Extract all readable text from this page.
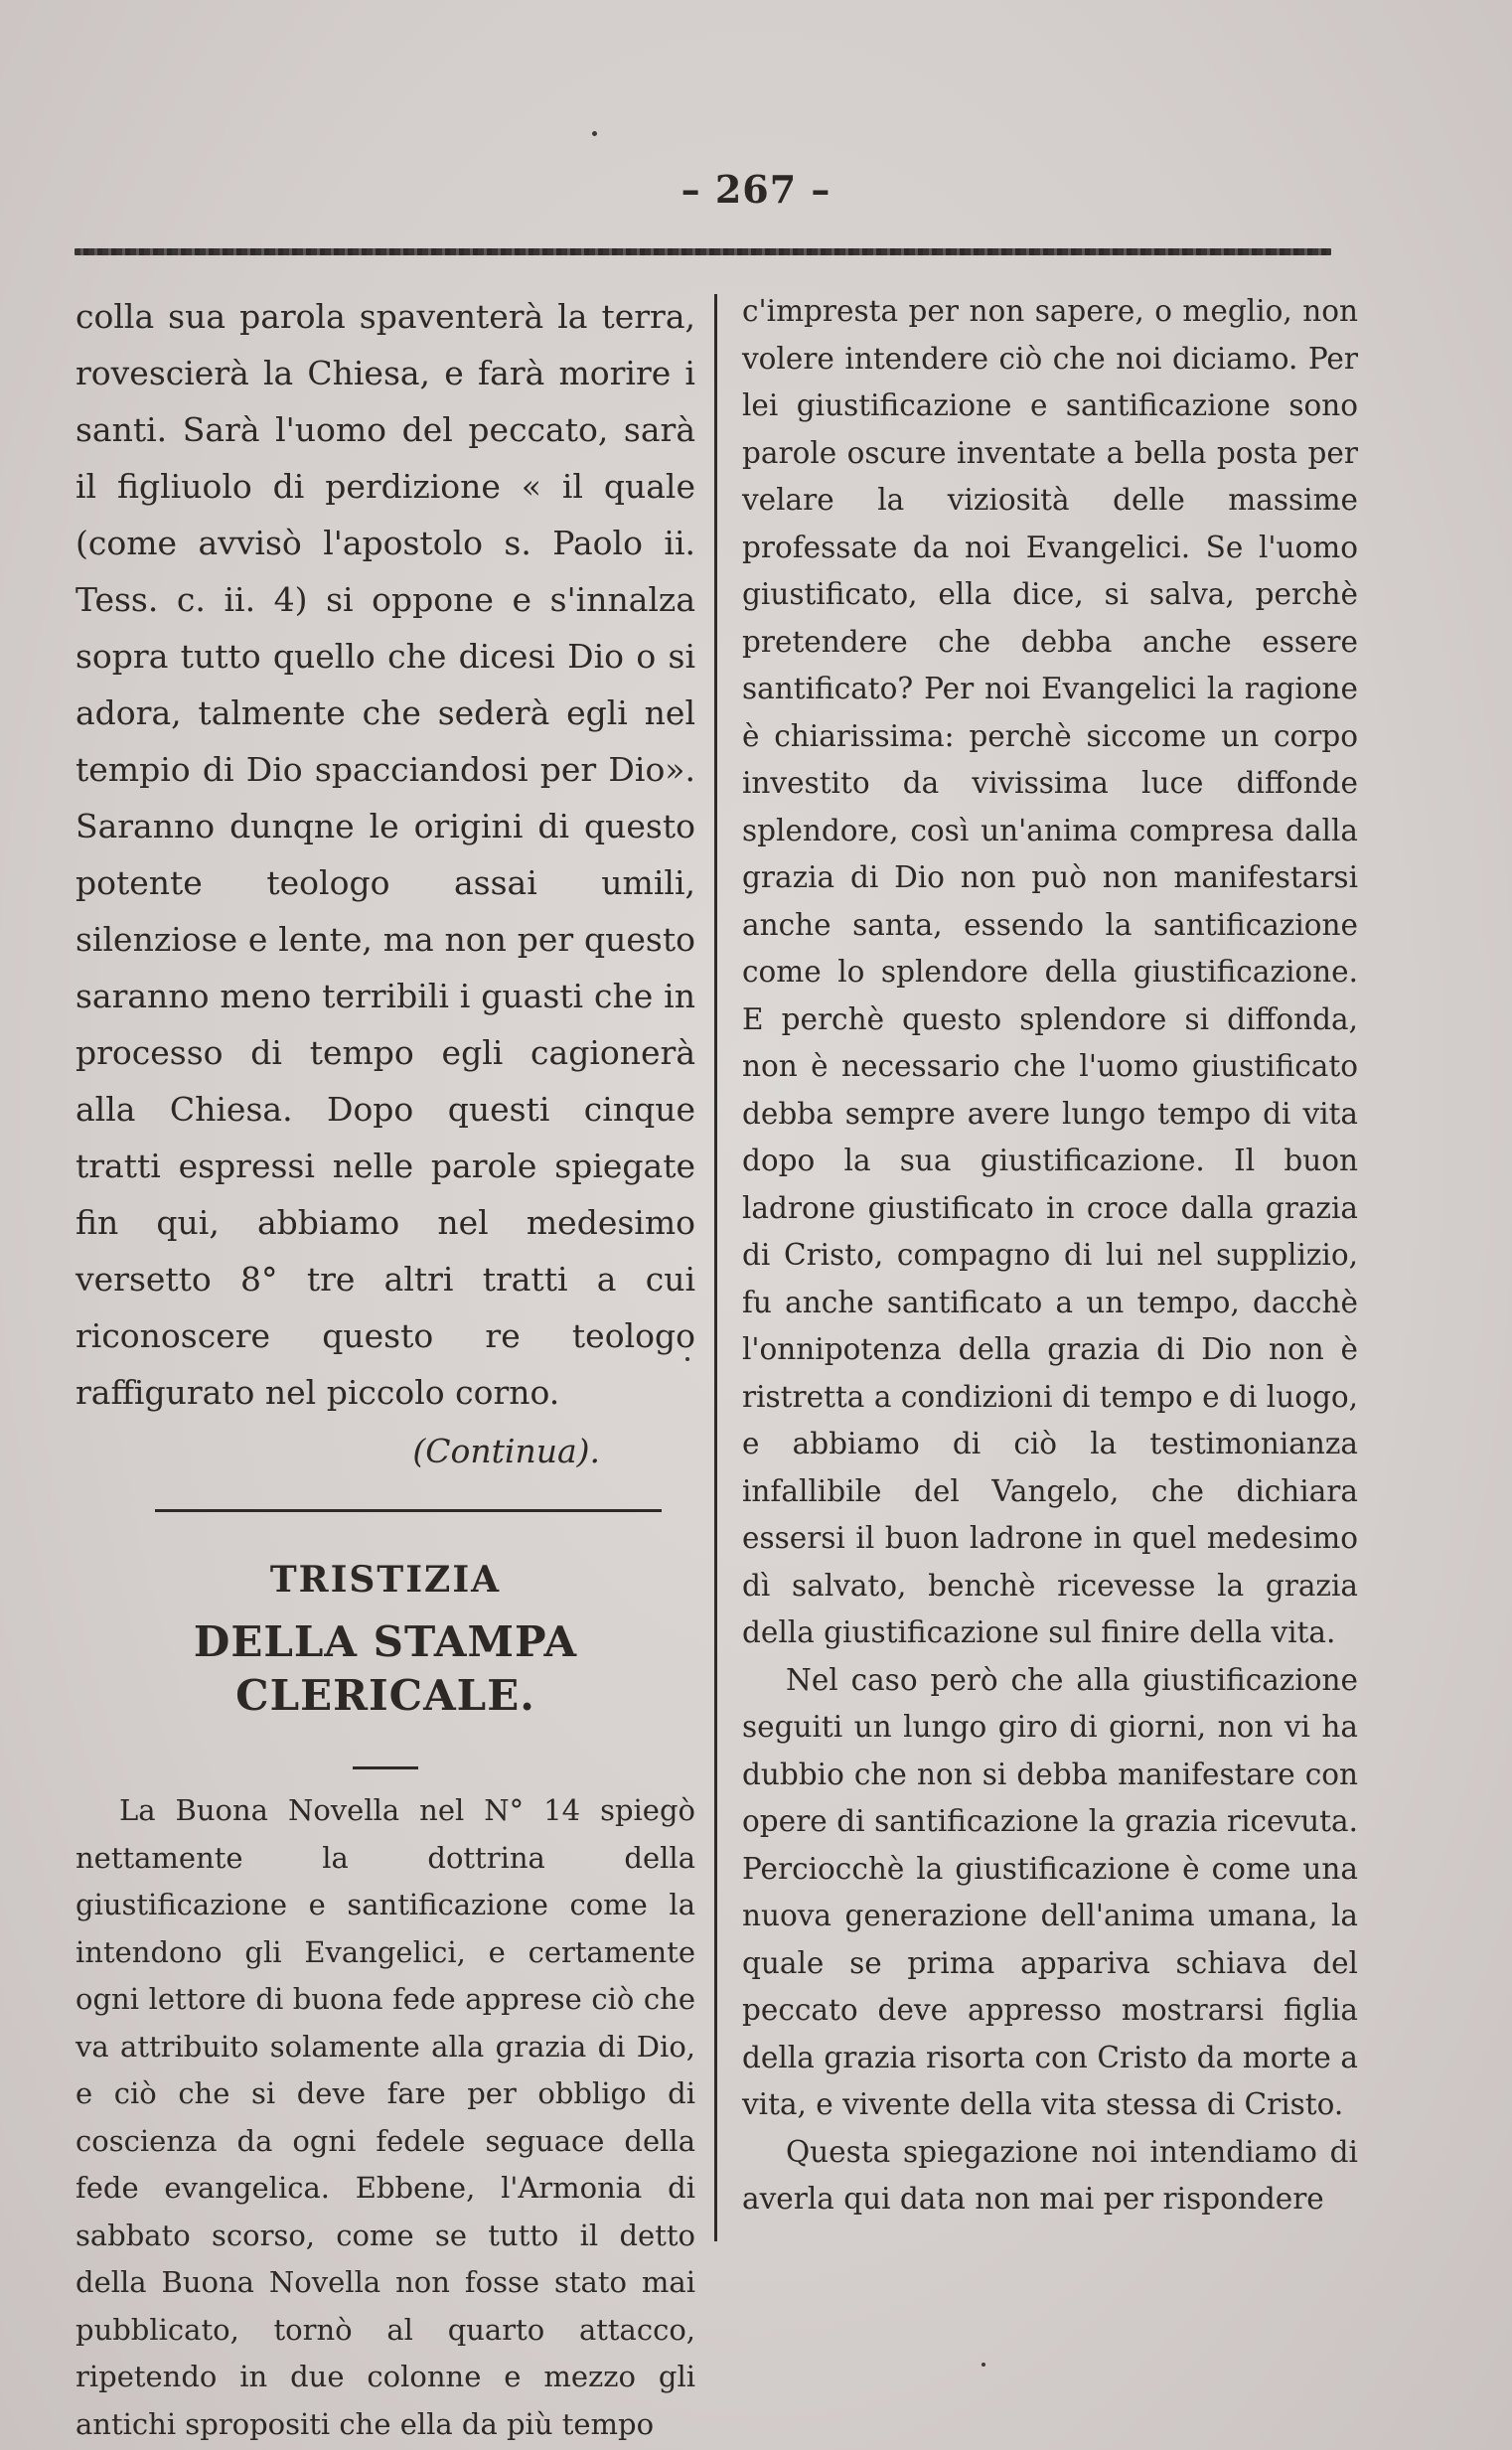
– 267 –

colla sua parola spaventerà la terra, rovescierà la Chiesa, e farà morire i santi. Sarà l'uomo del peccato, sarà il figliuolo di perdizione « il quale (come avvisò l'apostolo s. Paolo ii. Tess. c. ii. 4) si oppone e s'innalza sopra tutto quello che dicesi Dio o si adora, talmente che sederà egli nel tempio di Dio spacciandosi per Dio». Saranno dunqne le origini di questo potente teologo assai umili, silenziose e lente, ma non per questo saranno meno terribili i guasti che in processo di tempo egli cagionerà alla Chiesa. Dopo questi cinque tratti espressi nelle parole spiegate fin qui, abbiamo nel medesimo versetto 8° tre altri tratti a cui riconoscere questo re teologo raffigurato nel piccolo corno.

(Continua).

TRISTIZIA
DELLA STAMPA CLERICALE.

La Buona Novella nel N° 14 spiegò nettamente la dottrina della giustificazione e santificazione come la intendono gli Evangelici, e certamente ogni lettore di buona fede apprese ciò che va attribuito solamente alla grazia di Dio, e ciò che si deve fare per obbligo di coscienza da ogni fedele seguace della fede evangelica. Ebbene, l'Armonia di sabbato scorso, come se tutto il detto della Buona Novella non fosse stato mai pubblicato, tornò al quarto attacco, ripetendo in due colonne e mezzo gli antichi spropositi che ella da più tempo

c'impresta per non sapere, o meglio, non volere intendere ciò che noi diciamo. Per lei giustificazione e santificazione sono parole oscure inventate a bella posta per velare la viziosità delle massime professate da noi Evangelici. Se l'uomo giustificato, ella dice, si salva, perchè pretendere che debba anche essere santificato? Per noi Evangelici la ragione è chiarissima: perchè siccome un corpo investito da vivissima luce diffonde splendore, così un'anima compresa dalla grazia di Dio non può non manifestarsi anche santa, essendo la santificazione come lo splendore della giustificazione. E perchè questo splendore si diffonda, non è necessario che l'uomo giustificato debba sempre avere lungo tempo di vita dopo la sua giustificazione. Il buon ladrone giustificato in croce dalla grazia di Cristo, compagno di lui nel supplizio, fu anche santificato a un tempo, dacchè l'onnipotenza della grazia di Dio non è ristretta a condizioni di tempo e di luogo, e abbiamo di ciò la testimonianza infallibile del Vangelo, che dichiara essersi il buon ladrone in quel medesimo dì salvato, benchè ricevesse la grazia della giustificazione sul finire della vita.

Nel caso però che alla giustificazione seguiti un lungo giro di giorni, non vi ha dubbio che non si debba manifestare con opere di santificazione la grazia ricevuta. Perciocchè la giustificazione è come una nuova generazione dell'anima umana, la quale se prima appariva schiava del peccato deve appresso mostrarsi figlia della grazia risorta con Cristo da morte a vita, e vivente della vita stessa di Cristo.

Questa spiegazione noi intendiamo di averla qui data non mai per rispondere
